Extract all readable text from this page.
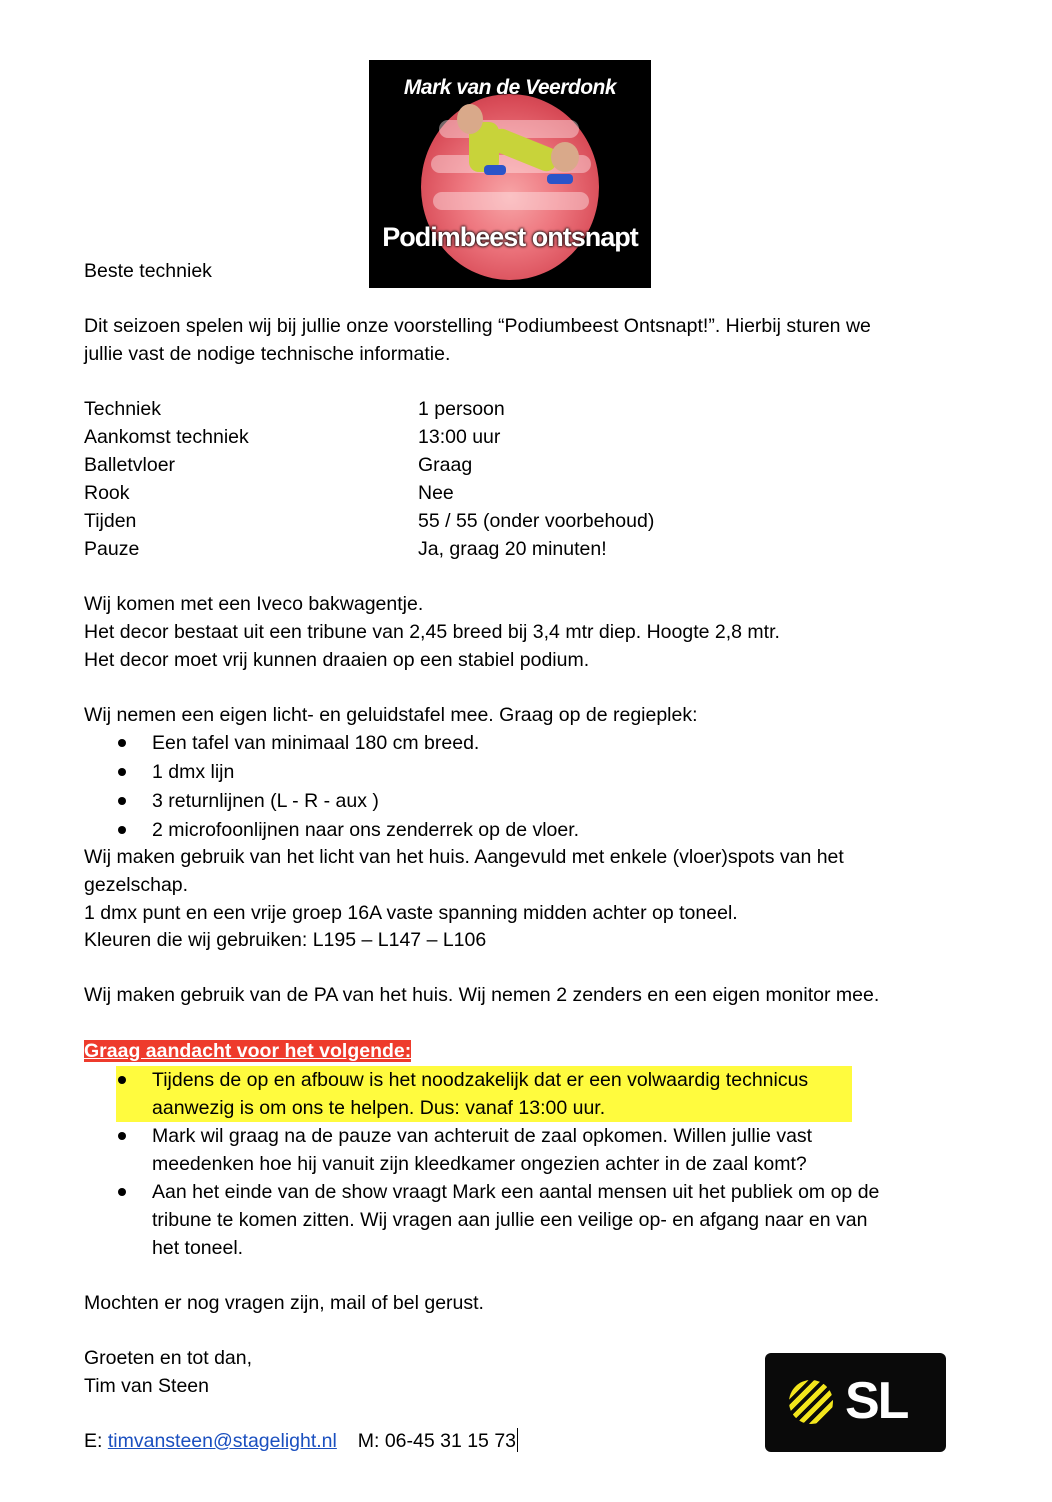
Mark van de Veerdonk
Podimbeest ontsnapt
Beste techniek
Dit seizoen spelen wij bij jullie onze voorstelling “Podiumbeest Ontsnapt!”. Hierbij sturen we
jullie vast de nodige technische informatie.
Techniek	1 persoon
Aankomst techniek	13:00 uur
Balletvloer	Graag
Rook	Nee
Tijden	55 / 55 (onder voorbehoud)
Pauze	Ja, graag 20 minuten!
Wij komen met een Iveco bakwagentje.
Het decor bestaat uit een tribune van 2,45 breed bij 3,4 mtr diep. Hoogte 2,8 mtr.
Het decor moet vrij kunnen draaien op een stabiel podium.
Wij nemen een eigen licht- en geluidstafel mee. Graag op de regieplek:
Een tafel van minimaal 180 cm breed.
1 dmx lijn
3 returnlijnen (L - R - aux )
2 microfoonlijnen naar ons zenderrek op de vloer.
Wij maken gebruik van het licht van het huis. Aangevuld met enkele (vloer)spots van het
gezelschap.
1 dmx punt en een vrije groep 16A vaste spanning midden achter op toneel.
Kleuren die wij gebruiken: L195 – L147 – L106
Wij maken gebruik van de PA van het huis. Wij nemen 2 zenders en een eigen monitor mee.
Graag aandacht voor het volgende:
Tijdens de op en afbouw is het noodzakelijk dat er een volwaardig technicus
aanwezig is om ons te helpen. Dus: vanaf 13:00 uur.
Mark wil graag na de pauze van achteruit de zaal opkomen. Willen jullie vast
meedenken hoe hij vanuit zijn kleedkamer ongezien achter in de zaal komt?
Aan het einde van de show vraagt Mark een aantal mensen uit het publiek om op de
tribune te komen zitten. Wij vragen aan jullie een veilige op- en afgang naar en van
het toneel.
Mochten er nog vragen zijn, mail of bel gerust.
Groeten en tot dan,
Tim van Steen
E: timvansteen@stagelight.nl M: 06-45 31 15 73
SL
